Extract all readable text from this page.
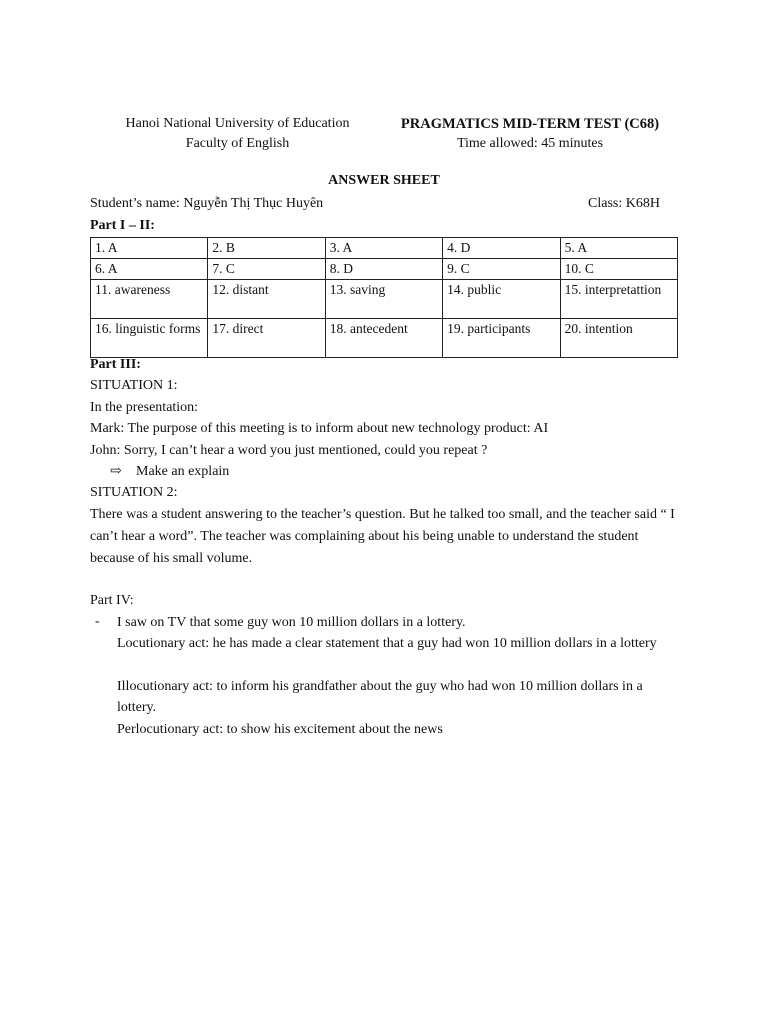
Hanoi National University of Education
Faculty of English
PRAGMATICS MID-TERM TEST (C68)
Time allowed: 45 minutes
ANSWER SHEET
Student’s name: Nguyễn Thị Thục Huyên	Class: K68H
Part I – II:
1. A	2. B	3. A	4. D	5. A
6. A	7. C	8. D	9. C	10. C
11. awareness	12. distant	13. saving	14. public	15. interpretattion
16. linguistic forms	17. direct	18. antecedent	19. participants	20. intention
Part III:
SITUATION 1:
In the presentation:
Mark: The purpose of this meeting is to inform about new technology product: AI
John: Sorry, I can’t hear a word you just mentioned, could you repeat ?
⇨ Make an explain
SITUATION 2:
There was a student answering to the teacher’s question. But he talked too small, and the teacher said “ I can’t hear a word”. The teacher was complaining about his being unable to understand the student because of his small volume.
Part IV:
- I saw on TV that some guy won 10 million dollars in a lottery.
Locutionary act: he has made a clear statement that a guy had won 10 million dollars in a lottery
Illocutionary act: to inform his grandfather about the guy who had won 10 million dollars in a lottery.
Perlocutionary act: to show his excitement about the news
